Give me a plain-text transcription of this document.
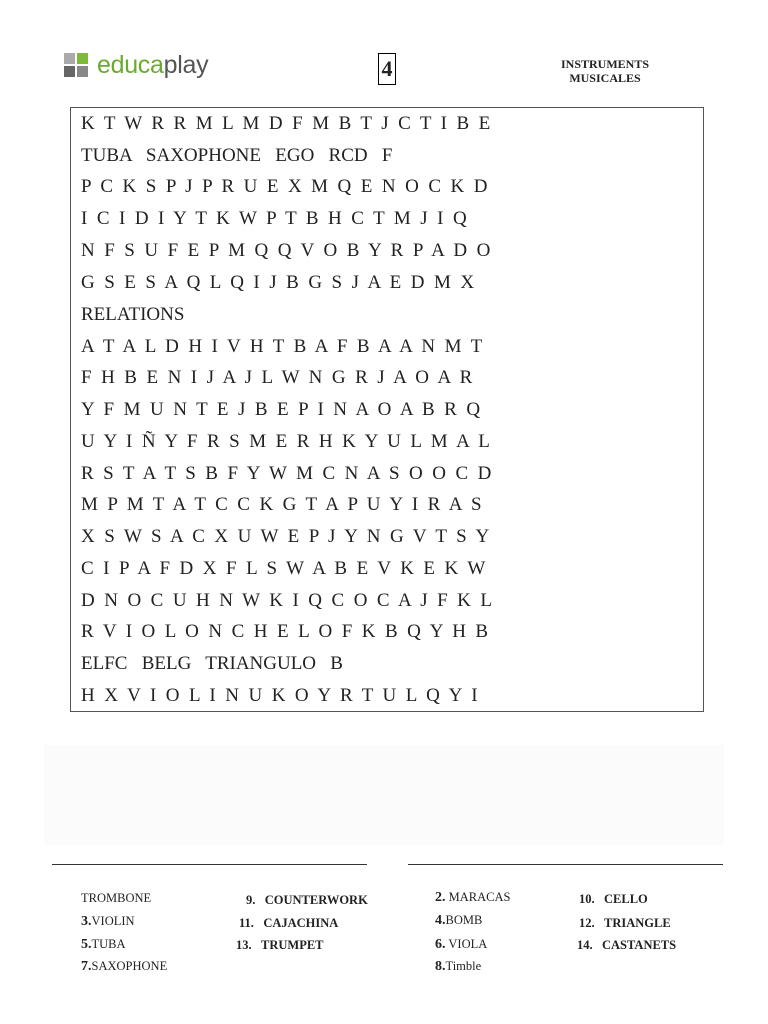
educaplay	4	INSTRUMENTS
MUSICALES
K  T  W  R  R  M  L  M  D  F  M  B  T  J  C  T  I  B  E
TUBA   SAXOPHONE   EGO   RCD   F
P  C  K  S  P  J  P  R  U  E  X  M  Q  E  N  O  C  K  D
I  C  I  D  I  Y  T  K  W  P  T  B  H  C  T  M  J  I  Q
N  F  S  U  F  E  P  M  Q  Q  V  O  B  Y  R  P  A  D  O
G  S  E  S  A  Q  L  Q  I  J  B  G  S  J  A  E  D  M  X
RELATIONS
A  T  A  L  D  H  I  V  H  T  B  A  F  B  A  A  N  M  T
F  H  B  E  N  I  J  A  J  L  W  N  G  R  J  A  O  A  R
Y  F  M  U  N  T  E  J  B  E  P  I  N  A  O  A  B  R  Q
U  Y  I  Ñ  Y  F  R  S  M  E  R  H  K  Y  U  L  M  A  L
R  S  T  A  T  S  B  F  Y  W  M  C  N  A  S  O  O  C  D
M  P  M  T  A  T  C  C  K  G  T  A  P  U  Y  I  R  A  S
X  S  W  S  A  C  X  U  W  E  P  J  Y  N  G  V  T  S  Y
C  I  P  A  F  D  X  F  L  S  W  A  B  E  V  K  E  K  W
D  N  O  C  U  H  N  W  K  I  Q  C  O  C  A  J  F  K  L
R  V  I  O  L  O  N  C  H  E  L  O  F  K  B  Q  Y  H  B
ELFC   BELG   TRIANGULO   B
H  X  V  I  O  L  I  N  U  K  O  Y  R  T  U  L  Q  Y  I
TROMBONE
3.VIOLIN
5.TUBA
7.SAXOPHONE
9. COUNTERWORK
11. CAJACHINA
13. TRUMPET
2. MARACAS
4.BOMB
6. VIOLA
8.Timble
10. CELLO
12. TRIANGLE
14. CASTANETS
